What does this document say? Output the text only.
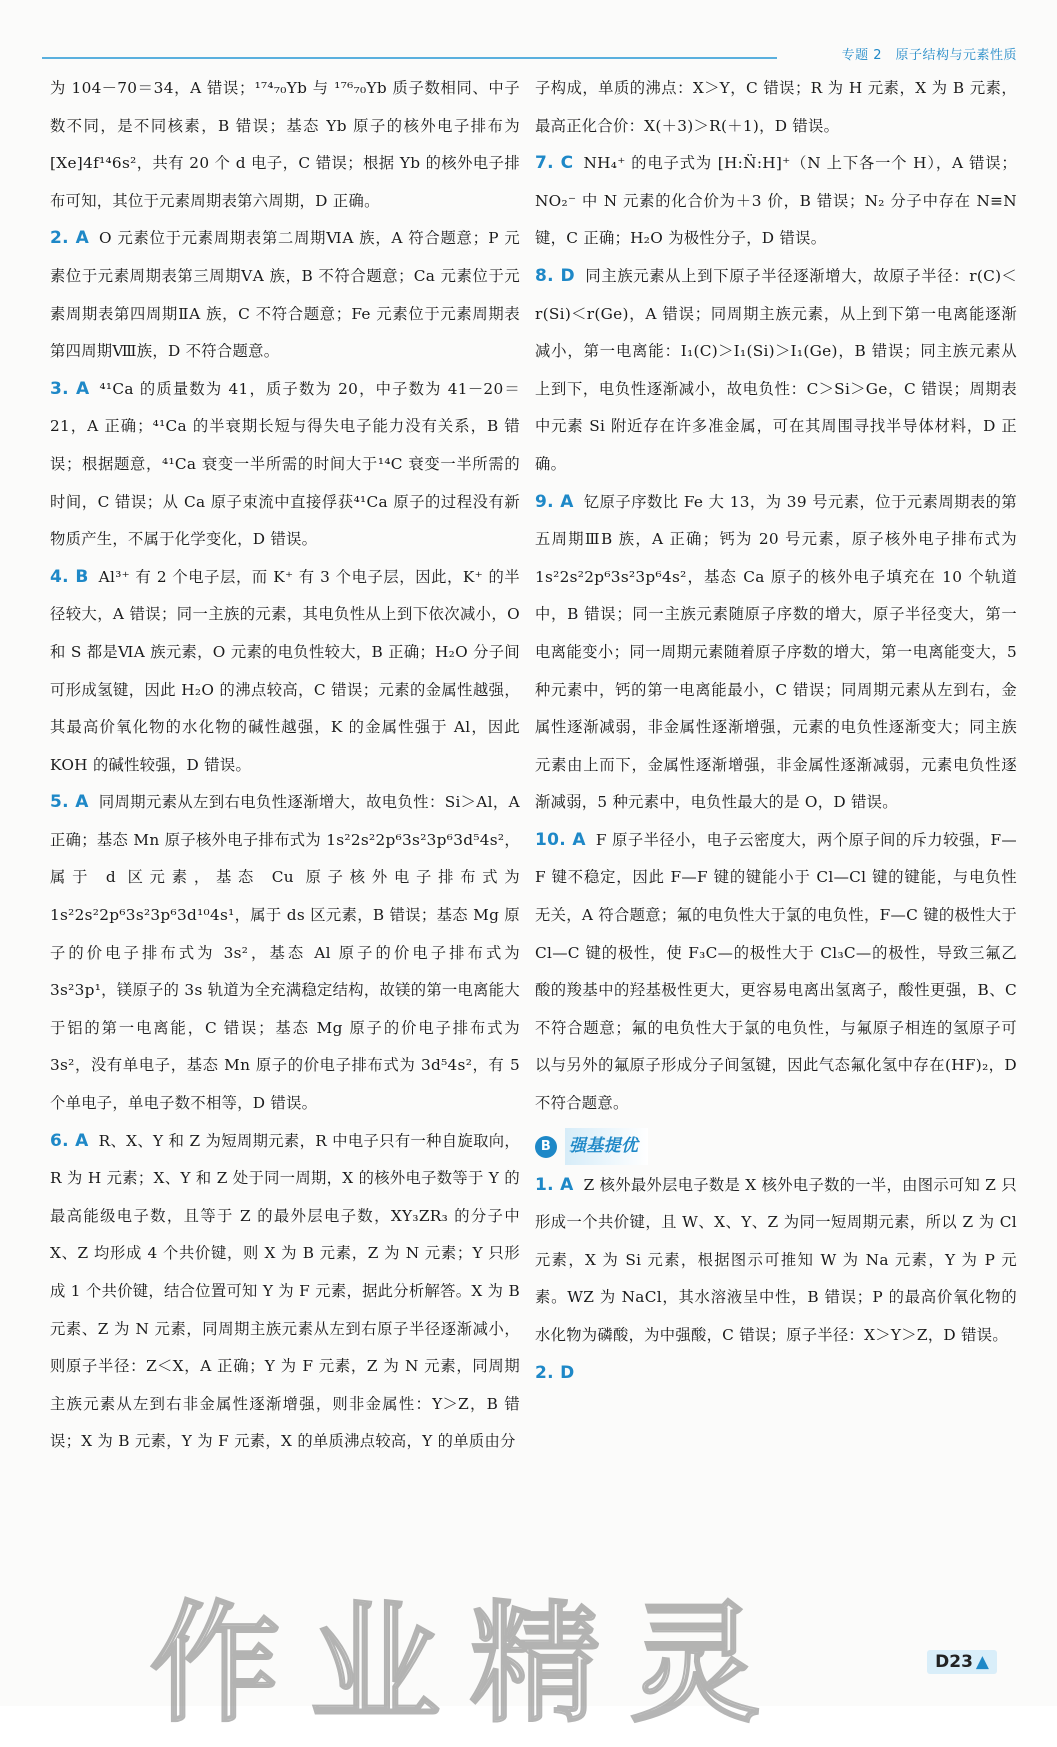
专题 2　原子结构与元素性质

为 104－70＝34，A 错误；¹⁷⁴₇₀Yb 与 ¹⁷⁶₇₀Yb 质子数相同、中子数不同，是不同核素，B 错误；基态 Yb 原子的核外电子排布为 [Xe]4f¹⁴6s²，共有 20 个 d 电子，C 错误；根据 Yb 的核外电子排布可知，其位于元素周期表第六周期，D 正确。

2. A O 元素位于元素周期表第二周期ⅥA 族，A 符合题意；P 元素位于元素周期表第三周期ⅤA 族，B 不符合题意；Ca 元素位于元素周期表第四周期ⅡA 族，C 不符合题意；Fe 元素位于元素周期表第四周期Ⅷ族，D 不符合题意。

3. A ⁴¹Ca 的质量数为 41，质子数为 20，中子数为 41－20＝21，A 正确；⁴¹Ca 的半衰期长短与得失电子能力没有关系，B 错误；根据题意，⁴¹Ca 衰变一半所需的时间大于¹⁴C 衰变一半所需的时间，C 错误；从 Ca 原子束流中直接俘获⁴¹Ca 原子的过程没有新物质产生，不属于化学变化，D 错误。

4. B Al³⁺ 有 2 个电子层，而 K⁺ 有 3 个电子层，因此，K⁺ 的半径较大，A 错误；同一主族的元素，其电负性从上到下依次减小，O 和 S 都是ⅥA 族元素，O 元素的电负性较大，B 正确；H₂O 分子间可形成氢键，因此 H₂O 的沸点较高，C 错误；元素的金属性越强，其最高价氧化物的水化物的碱性越强，K 的金属性强于 Al，因此 KOH 的碱性较强，D 错误。

5. A 同周期元素从左到右电负性逐渐增大，故电负性：Si＞Al，A 正确；基态 Mn 原子核外电子排布式为 1s²2s²2p⁶3s²3p⁶3d⁵4s²，属于 d 区元素，基态 Cu 原子核外电子排布式为 1s²2s²2p⁶3s²3p⁶3d¹⁰4s¹，属于 ds 区元素，B 错误；基态 Mg 原子的价电子排布式为 3s²，基态 Al 原子的价电子排布式为 3s²3p¹，镁原子的 3s 轨道为全充满稳定结构，故镁的第一电离能大于铝的第一电离能，C 错误；基态 Mg 原子的价电子排布式为 3s²，没有单电子，基态 Mn 原子的价电子排布式为 3d⁵4s²，有 5 个单电子，单电子数不相等，D 错误。

6. A R、X、Y 和 Z 为短周期元素，R 中电子只有一种自旋取向，R 为 H 元素；X、Y 和 Z 处于同一周期，X 的核外电子数等于 Y 的最高能级电子数，且等于 Z 的最外层电子数，XY₃ZR₃ 的分子中 X、Z 均形成 4 个共价键，则 X 为 B 元素，Z 为 N 元素；Y 只形成 1 个共价键，结合位置可知 Y 为 F 元素，据此分析解答。X 为 B 元素、Z 为 N 元素，同周期主族元素从左到右原子半径逐渐减小，则原子半径：Z＜X，A 正确；Y 为 F 元素，Z 为 N 元素，同周期主族元素从左到右非金属性逐渐增强，则非金属性：Y＞Z，B 错误；X 为 B 元素，Y 为 F 元素，X 的单质沸点较高，Y 的单质由分

子构成，单质的沸点：X＞Y，C 错误；R 为 H 元素，X 为 B 元素，最高正化合价：X(＋3)＞R(＋1)，D 错误。

7. C NH₄⁺ 的电子式为 [H:N̈:H]⁺（N 上下各一个 H），A 错误；NO₂⁻ 中 N 元素的化合价为＋3 价，B 错误；N₂ 分子中存在 N≡N 键，C 正确；H₂O 为极性分子，D 错误。

8. D 同主族元素从上到下原子半径逐渐增大，故原子半径：r(C)＜r(Si)＜r(Ge)，A 错误；同周期主族元素，从上到下第一电离能逐渐减小，第一电离能：I₁(C)＞I₁(Si)＞I₁(Ge)，B 错误；同主族元素从上到下，电负性逐渐减小，故电负性：C＞Si＞Ge，C 错误；周期表中元素 Si 附近存在许多准金属，可在其周围寻找半导体材料，D 正确。

9. A 钇原子序数比 Fe 大 13，为 39 号元素，位于元素周期表的第五周期ⅢB 族，A 正确；钙为 20 号元素，原子核外电子排布式为 1s²2s²2p⁶3s²3p⁶4s²，基态 Ca 原子的核外电子填充在 10 个轨道中，B 错误；同一主族元素随原子序数的增大，原子半径变大，第一电离能变小；同一周期元素随着原子序数的增大，第一电离能变大，5 种元素中，钙的第一电离能最小，C 错误；同周期元素从左到右，金属性逐渐减弱，非金属性逐渐增强，元素的电负性逐渐变大；同主族元素由上而下，金属性逐渐增强，非金属性逐渐减弱，元素电负性逐渐减弱，5 种元素中，电负性最大的是 O，D 错误。

10. A F 原子半径小，电子云密度大，两个原子间的斥力较强，F—F 键不稳定，因此 F—F 键的键能小于 Cl—Cl 键的键能，与电负性无关，A 符合题意；氟的电负性大于氯的电负性，F—C 键的极性大于 Cl—C 键的极性，使 F₃C—的极性大于 Cl₃C—的极性，导致三氟乙酸的羧基中的羟基极性更大，更容易电离出氢离子，酸性更强，B、C 不符合题意；氟的电负性大于氯的电负性，与氟原子相连的氢原子可以与另外的氟原子形成分子间氢键，因此气态氟化氢中存在(HF)₂，D 不符合题意。

B	强基提优

1. A Z 核外最外层电子数是 X 核外电子数的一半，由图示可知 Z 只形成一个共价键，且 W、X、Y、Z 为同一短周期元素，所以 Z 为 Cl 元素，X 为 Si 元素，根据图示可推知 W 为 Na 元素，Y 为 P 元素。WZ 为 NaCl，其水溶液呈中性，B 错误；P 的最高价氧化物的水化物为磷酸，为中强酸，C 错误；原子半径：X＞Y＞Z，D 错误。

2. D

作业精灵	D23 ▲
